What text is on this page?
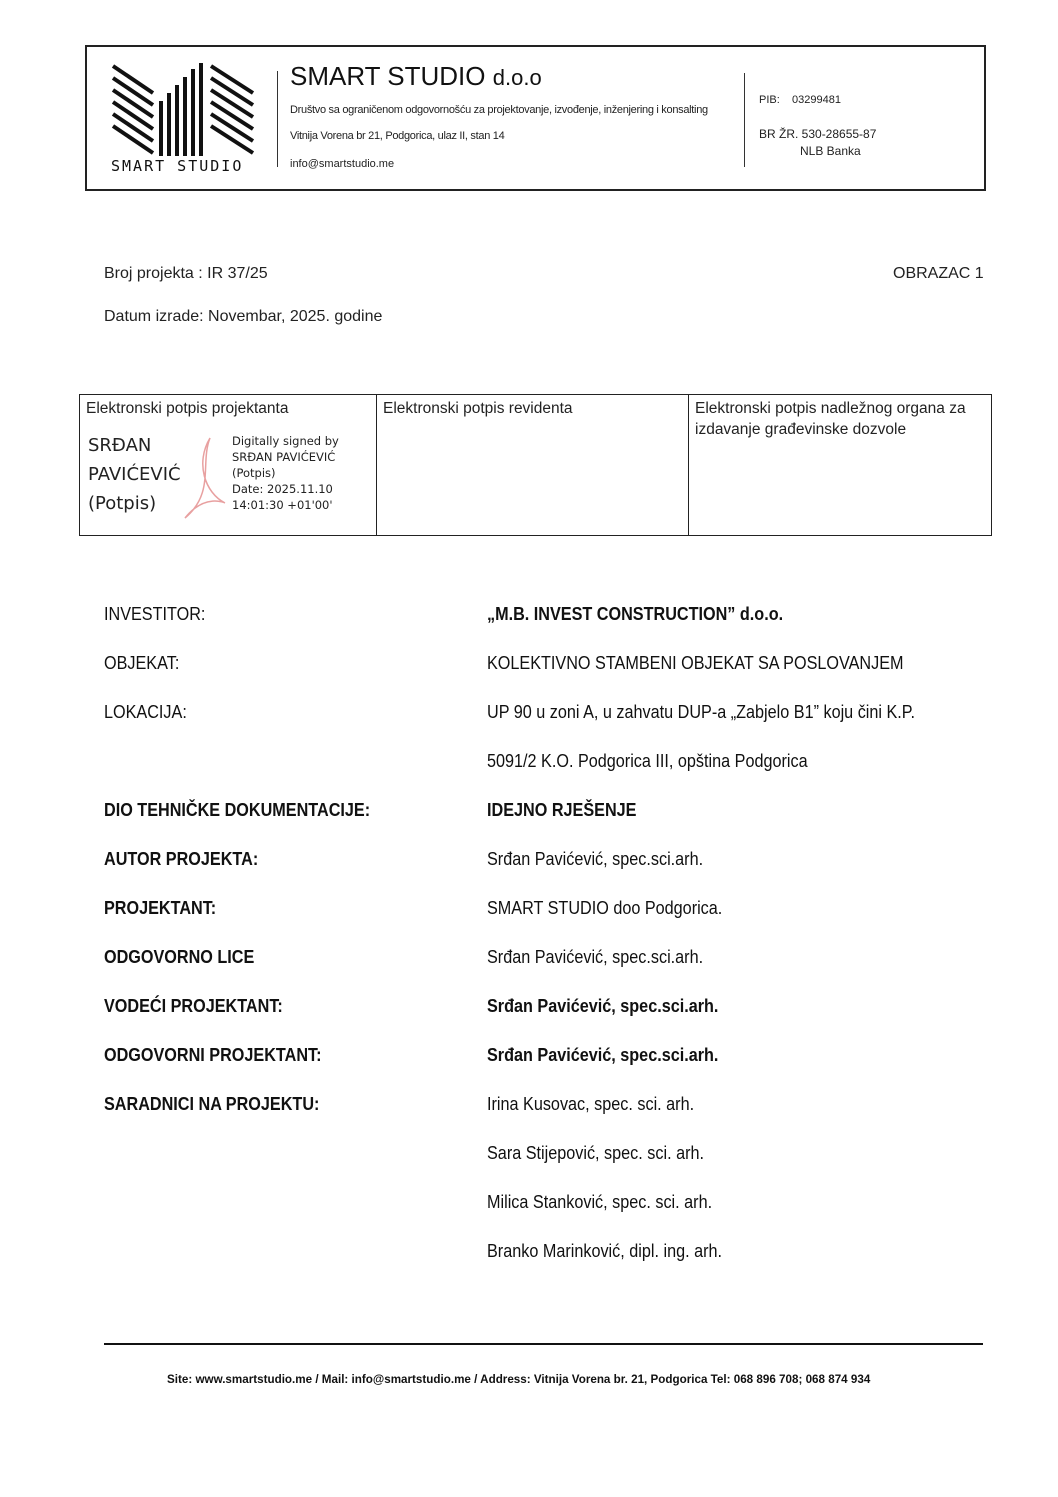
SMART STUDIO
SMART STUDIO d.o.o
Društvo sa ograničenom odgovornošću za projektovanje, izvođenje, inženjering i konsalting
Vitnija Vorena br 21, Podgorica, ulaz II, stan 14
info@smartstudio.me
PIB: 03299481
BR ŽR. 530-28655-87
NLB Banka
Broj projekta : IR 37/25	OBRAZAC 1
Datum izrade: Novembar, 2025. godine
Elektronski potpis projektanta
SRĐAN
PAVIĆEVIĆ
(Potpis)
Digitally signed by
SRĐAN PAVIĆEVIĆ
(Potpis)
Date: 2025.11.10
14:01:30 +01'00'
Elektronski potpis revidenta	Elektronski potpis nadležnog organa za izdavanje građevinske dozvole
INVESTITOR:	„M.B. INVEST CONSTRUCTION” d.o.o.
OBJEKAT:	KOLEKTIVNO STAMBENI OBJEKAT SA POSLOVANJEM
LOKACIJA:	UP 90 u zoni A, u zahvatu DUP-a „Zabjelo B1” koju čini K.P.
5091/2 K.O. Podgorica III, opština Podgorica
DIO TEHNIČKE DOKUMENTACIJE:	IDEJNO RJEŠENJE
AUTOR PROJEKTA:	Srđan Pavićević, spec.sci.arh.
PROJEKTANT:	SMART STUDIO doo Podgorica.
ODGOVORNO LICE	Srđan Pavićević, spec.sci.arh.
VODEĆI PROJEKTANT:	Srđan Pavićević, spec.sci.arh.
ODGOVORNI PROJEKTANT:	Srđan Pavićević, spec.sci.arh.
SARADNICI NA PROJEKTU:	Irina Kusovac, spec. sci. arh.
Sara Stijepović, spec. sci. arh.
Milica Stanković, spec. sci. arh.
Branko Marinković, dipl. ing. arh.
Site: www.smartstudio.me / Mail: info@smartstudio.me / Address: Vitnija Vorena br. 21, Podgorica Tel: 068 896 708; 068 874 934
